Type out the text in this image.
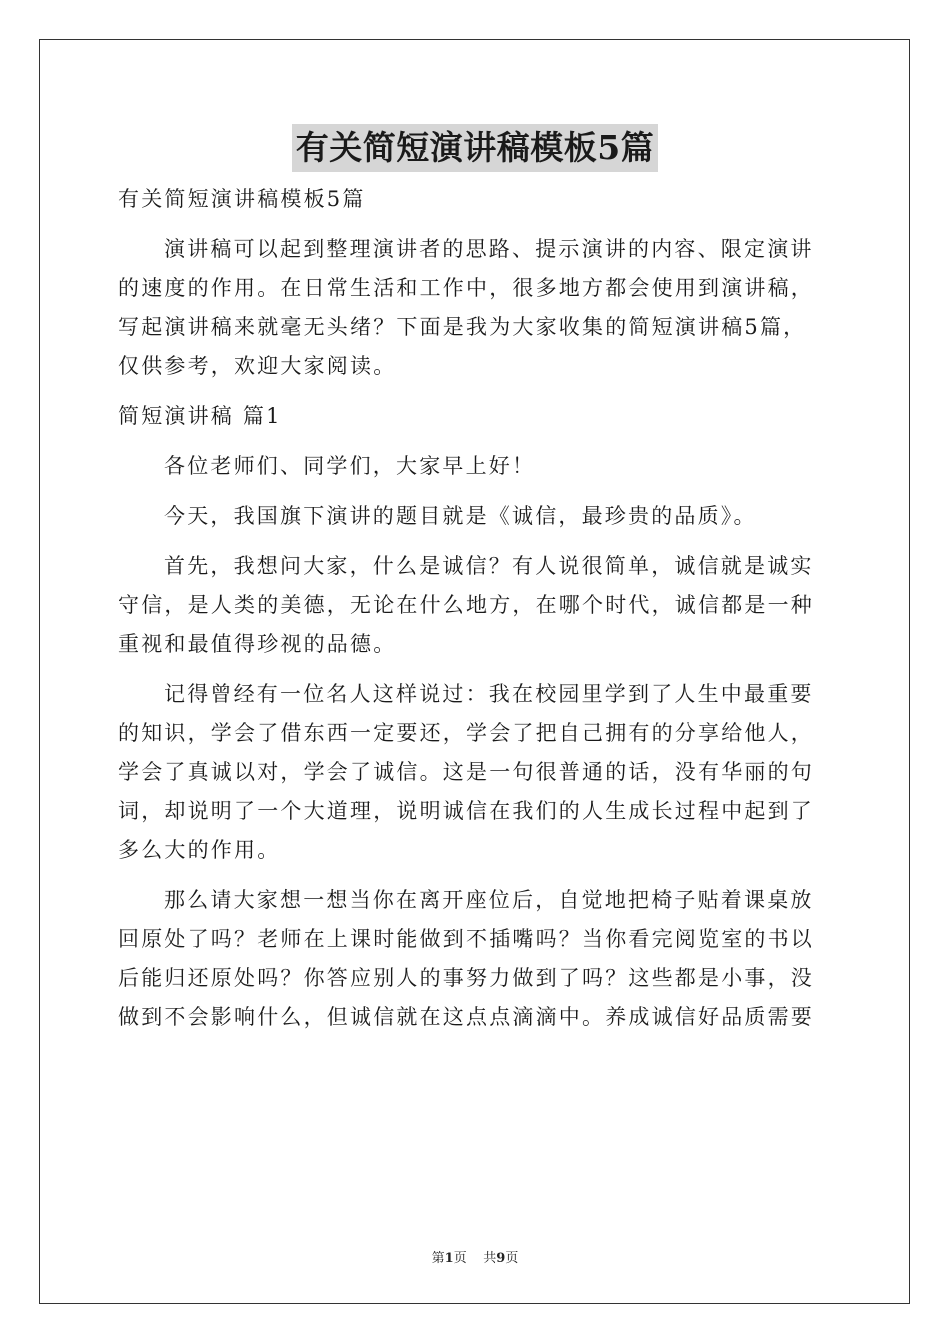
有关简短演讲稿模板5篇
有关简短演讲稿模板5篇
演讲稿可以起到整理演讲者的思路、提示演讲的内容、限定演讲
的速度的作用。在日常生活和工作中，很多地方都会使用到演讲稿，
写起演讲稿来就毫无头绪？下面是我为大家收集的简短演讲稿5篇，
仅供参考，欢迎大家阅读。
简短演讲稿 篇1
各位老师们、同学们，大家早上好！
今天，我国旗下演讲的题目就是《诚信，最珍贵的品质》。
首先，我想问大家，什么是诚信？有人说很简单，诚信就是诚实
守信，是人类的美德，无论在什么地方，在哪个时代，诚信都是一种
重视和最值得珍视的品德。
记得曾经有一位名人这样说过：我在校园里学到了人生中最重要
的知识，学会了借东西一定要还，学会了把自己拥有的分享给他人，
学会了真诚以对，学会了诚信。这是一句很普通的话，没有华丽的句
词，却说明了一个大道理，说明诚信在我们的人生成长过程中起到了
多么大的作用。
那么请大家想一想当你在离开座位后，自觉地把椅子贴着课桌放
回原处了吗？老师在上课时能做到不插嘴吗？当你看完阅览室的书以
后能归还原处吗？你答应别人的事努力做到了吗？这些都是小事，没
做到不会影响什么，但诚信就在这点点滴滴中。养成诚信好品质需要
第1页 共9页
